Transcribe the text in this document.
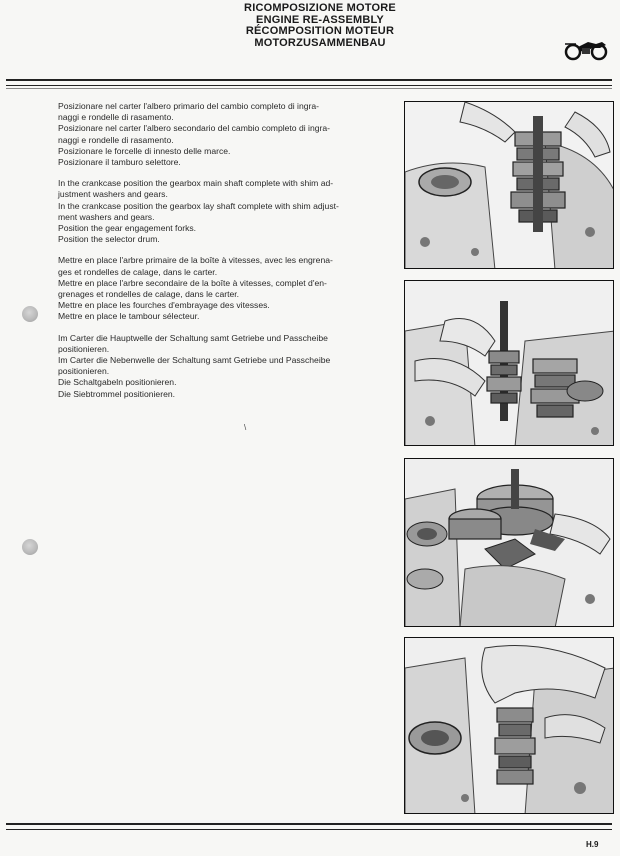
RICOMPOSIZIONE MOTORE
ENGINE RE-ASSEMBLY
RÉCOMPOSITION MOTEUR
MOTORZUSAMMENBAU

Posizionare nel carter l'albero primario del cambio completo di ingra-

naggi e rondelle di rasamento.

Posizionare nel carter l'albero secondario del cambio completo di ingra-

naggi e rondelle di rasamento.

Posizionare le forcelle di innesto delle marce.

Posizionare il tamburo selettore.

In the crankcase position the gearbox main shaft complete with shim ad-

justment washers and gears.

In the crankcase position the gearbox lay shaft complete with shim adjust-

ment washers and gears.

Position the gear engagement forks.

Position the selector drum.

Mettre en place l'arbre primaire de la boîte à vitesses, avec les engrena-

ges et rondelles de calage, dans le carter.

Mettre en place l'arbre secondaire de la boîte à vitesses, complet d'en-

grenages et rondelles de calage, dans le carter.

Mettre en place les fourches d'embrayage des vitesses.

Mettre en place le tambour sélecteur.

Im Carter die Hauptwelle der Schaltung samt Getriebe und Passcheibe

positionieren.

Im Carter die Nebenwelle der Schaltung samt Getriebe und Passcheibe

positionieren.

Die Schaltgabeln positionieren.

Die Siebtrommel positionieren.

\
H.9
